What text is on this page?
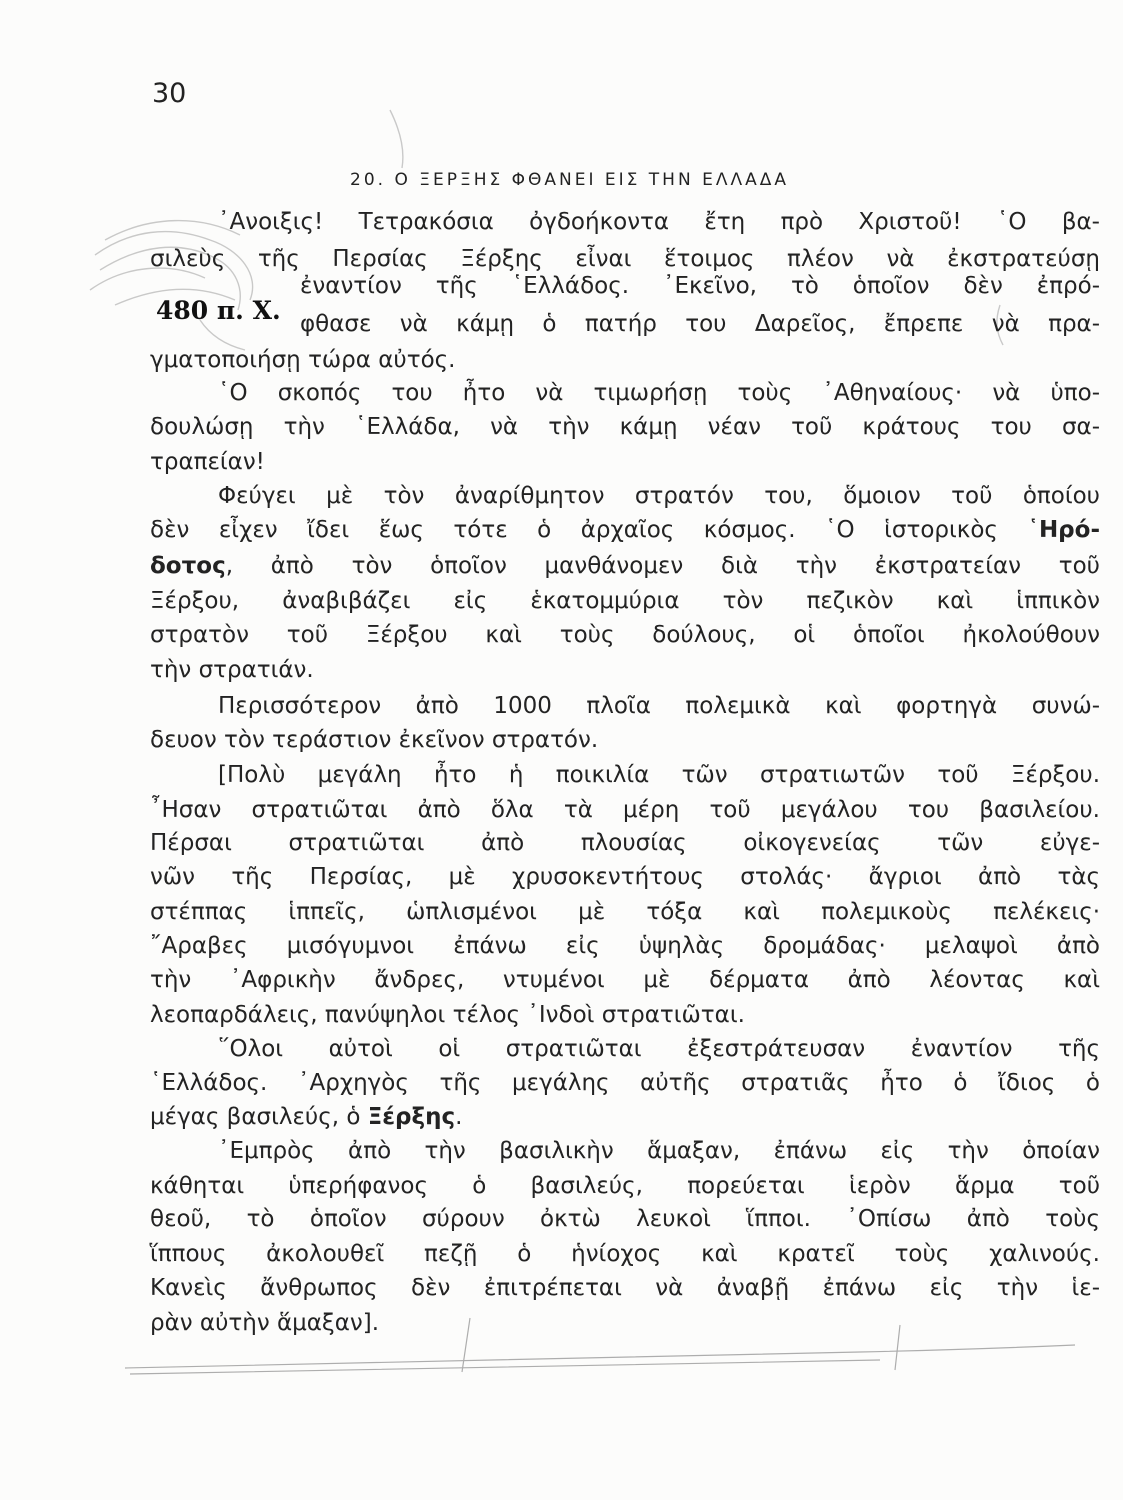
30
20. Ο ΞΕΡΞΗΣ ΦΘΑΝΕΙ ΕΙΣ ΤΗΝ ΕΛΛΑΔΑ
480 π. Χ.
᾿Ανοιξις! Τετρακόσια ὀγδοήκοντα ἔτη πρὸ Χριστοῦ! ῾Ο βα-
σιλεὺς τῆς Περσίας Ξέρξης εἶναι ἕτοιμος πλέον νὰ ἐκστρατεύσῃ
ἐναντίον τῆς ῾Ελλάδος. ᾿Εκεῖνο, τὸ ὁποῖον δὲν ἐπρό-
φθασε νὰ κάμῃ ὁ πατήρ του Δαρεῖος, ἔπρεπε νὰ πρα-
γματοποιήσῃ τώρα αὐτός.
῾Ο σκοπός του ἦτο νὰ τιμωρήσῃ τοὺς ᾿Αθηναίους· νὰ ὑπο-
δουλώσῃ τὴν ῾Ελλάδα, νὰ τὴν κάμῃ νέαν τοῦ κράτους του σα-
τραπείαν!
Φεύγει μὲ τὸν ἀναρίθμητον στρατόν του, ὅμοιον τοῦ ὁποίου
δὲν εἶχεν ἴδει ἕως τότε ὁ ἀρχαῖος κόσμος. ῾Ο ἱστορικὸς ῾Ηρό-
δοτος, ἀπὸ τὸν ὁποῖον μανθάνομεν διὰ τὴν ἐκστρατείαν τοῦ
Ξέρξου, ἀναβιβάζει εἰς ἑκατομμύρια τὸν πεζικὸν καὶ ἱππικὸν
στρατὸν τοῦ Ξέρξου καὶ τοὺς δούλους, οἱ ὁποῖοι ἠκολούθουν
τὴν στρατιάν.
Περισσότερον ἀπὸ 1000 πλοῖα πολεμικὰ καὶ φορτηγὰ συνώ-
δευον τὸν τεράστιον ἐκεῖνον στρατόν.
[Πολὺ μεγάλη ἦτο ἡ ποικιλία τῶν στρατιωτῶν τοῦ Ξέρξου.
῏Ησαν στρατιῶται ἀπὸ ὅλα τὰ μέρη τοῦ μεγάλου του βασιλείου.
Πέρσαι στρατιῶται ἀπὸ πλουσίας οἰκογενείας τῶν εὐγε-
νῶν τῆς Περσίας, μὲ χρυσοκεντήτους στολάς· ἄγριοι ἀπὸ τὰς
στέππας ἱππεῖς, ὡπλισμένοι μὲ τόξα καὶ πολεμικοὺς πελέκεις·
῎Αραβες μισόγυμνοι ἐπάνω εἰς ὑψηλὰς δρομάδας· μελαψοὶ ἀπὸ
τὴν ᾿Αφρικὴν ἄνδρες, ντυμένοι μὲ δέρματα ἀπὸ λέοντας καὶ
λεοπαρδάλεις, πανύψηλοι τέλος ᾿Ινδοὶ στρατιῶται.
῞Ολοι αὐτοὶ οἱ στρατιῶται ἐξεστράτευσαν ἐναντίον τῆς
῾Ελλάδος. ᾿Αρχηγὸς τῆς μεγάλης αὐτῆς στρατιᾶς ἦτο ὁ ἴδιος ὁ
μέγας βασιλεύς, ὁ Ξέρξης.
᾿Εμπρὸς ἀπὸ τὴν βασιλικὴν ἅμαξαν, ἐπάνω εἰς τὴν ὁποίαν
κάθηται ὑπερήφανος ὁ βασιλεύς, πορεύεται ἱερὸν ἅρμα τοῦ
θεοῦ, τὸ ὁποῖον σύρουν ὀκτὼ λευκοὶ ἵπποι. ᾿Οπίσω ἀπὸ τοὺς
ἵππους ἀκολουθεῖ πεζῇ ὁ ἡνίοχος καὶ κρατεῖ τοὺς χαλινούς.
Κανεὶς ἄνθρωπος δὲν ἐπιτρέπεται νὰ ἀναβῇ ἐπάνω εἰς τὴν ἱε-
ρὰν αὐτὴν ἅμαξαν].
